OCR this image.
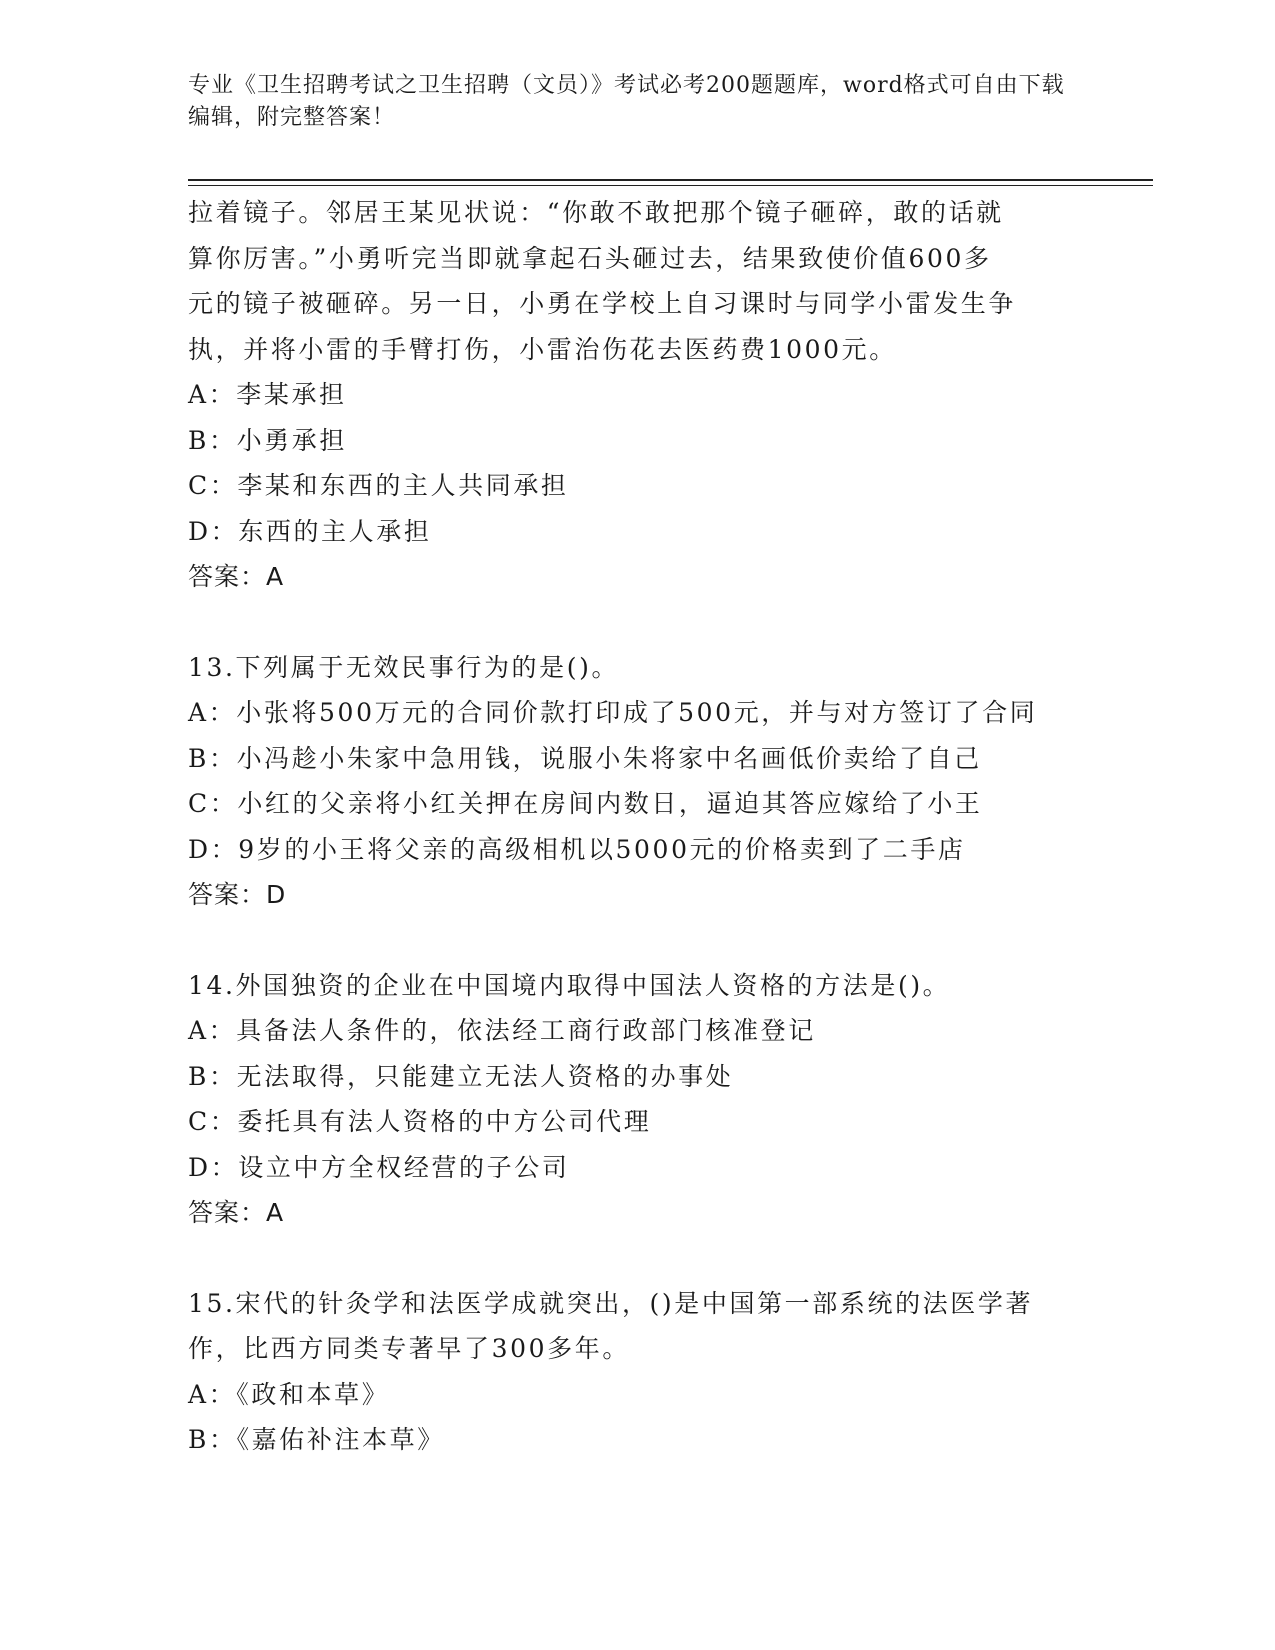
专业《卫生招聘考试之卫生招聘（文员）》考试必考200题题库，word格式可自由下载编辑，附完整答案！

拉着镜子。邻居王某见状说：“你敢不敢把那个镜子砸碎，敢的话就

算你厉害。”小勇听完当即就拿起石头砸过去，结果致使价值600多

元的镜子被砸碎。另一日，小勇在学校上自习课时与同学小雷发生争

执，并将小雷的手臂打伤，小雷治伤花去医药费1000元。

A：李某承担

B：小勇承担

C：李某和东西的主人共同承担

D：东西的主人承担

答案：A

13.下列属于无效民事行为的是()。

A：小张将500万元的合同价款打印成了500元，并与对方签订了合同

B：小冯趁小朱家中急用钱，说服小朱将家中名画低价卖给了自己

C：小红的父亲将小红关押在房间内数日，逼迫其答应嫁给了小王

D：9岁的小王将父亲的高级相机以5000元的价格卖到了二手店

答案：D

14.外国独资的企业在中国境内取得中国法人资格的方法是()。

A：具备法人条件的，依法经工商行政部门核准登记

B：无法取得，只能建立无法人资格的办事处

C：委托具有法人资格的中方公司代理

D：设立中方全权经营的子公司

答案：A

15.宋代的针灸学和法医学成就突出，()是中国第一部系统的法医学著

作，比西方同类专著早了300多年。

A：《政和本草》

B：《嘉佑补注本草》
